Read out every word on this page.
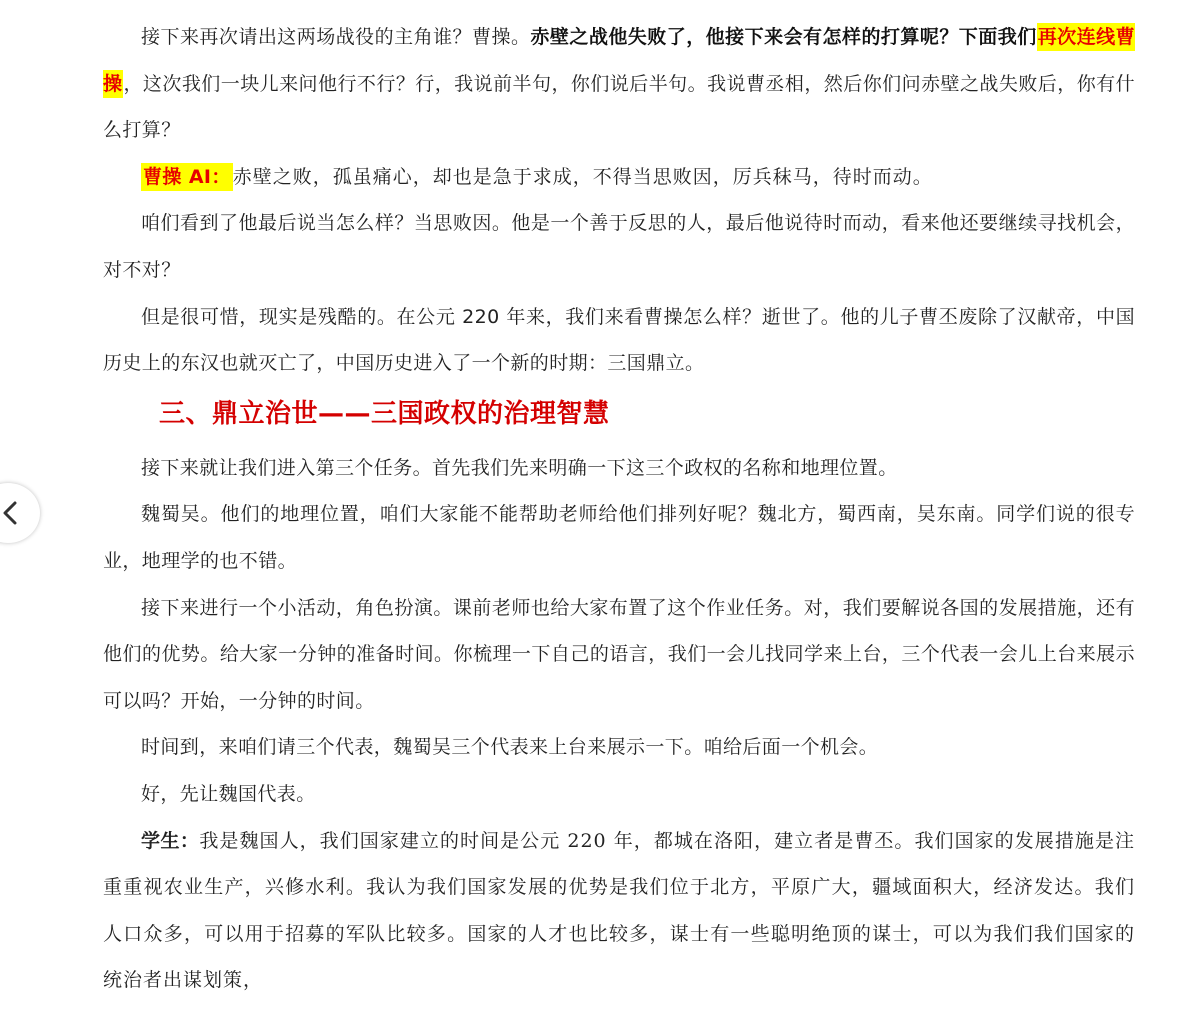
接下来再次请出这两场战役的主角谁？曹操。赤壁之战他失败了，他接下来会有怎样的打算呢？下面我们再次连线曹操，这次我们一块儿来问他行不行？行，我说前半句，你们说后半句。我说曹丞相，然后你们问赤壁之战失败后，你有什么打算？

曹操 AI： 赤壁之败，孤虽痛心，却也是急于求成，不得当思败因，厉兵秣马，待时而动。

咱们看到了他最后说当怎么样？当思败因。他是一个善于反思的人，最后他说待时而动，看来他还要继续寻找机会，对不对？

但是很可惜，现实是残酷的。在公元 220 年来，我们来看曹操怎么样？逝世了。他的儿子曹丕废除了汉献帝，中国历史上的东汉也就灭亡了，中国历史进入了一个新的时期：三国鼎立。

三、鼎立治世——三国政权的治理智慧

接下来就让我们进入第三个任务。首先我们先来明确一下这三个政权的名称和地理位置。

魏蜀吴。他们的地理位置，咱们大家能不能帮助老师给他们排列好呢？魏北方，蜀西南，吴东南。同学们说的很专业，地理学的也不错。

接下来进行一个小活动，角色扮演。课前老师也给大家布置了这个作业任务。对，我们要解说各国的发展措施，还有他们的优势。给大家一分钟的准备时间。你梳理一下自己的语言，我们一会儿找同学来上台，三个代表一会儿上台来展示可以吗？开始，一分钟的时间。

时间到，来咱们请三个代表，魏蜀吴三个代表来上台来展示一下。咱给后面一个机会。

好，先让魏国代表。

学生：我是魏国人，我们国家建立的时间是公元 220 年，都城在洛阳，建立者是曹丕。我们国家的发展措施是注重重视农业生产，兴修水利。我认为我们国家发展的优势是我们位于北方，平原广大，疆域面积大，经济发达。我们人口众多，可以用于招募的军队比较多。国家的人才也比较多，谋士有一些聪明绝顶的谋士，可以为我们我们国家的统治者出谋划策，
